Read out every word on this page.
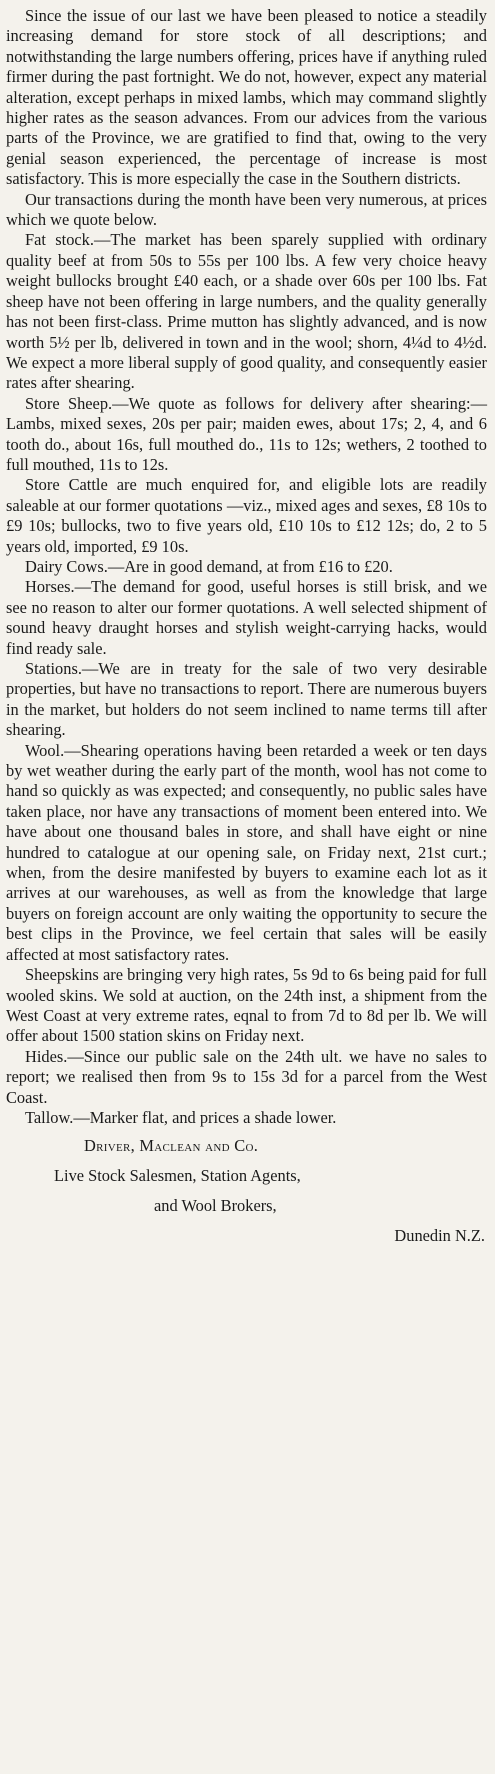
Since the issue of our last we have been pleased to notice a steadily increasing demand for store stock of all descriptions; and notwithstanding the large numbers offering, prices have if anything ruled firmer during the past fortnight. We do not, however, expect any material alteration, except perhaps in mixed lambs, which may command slightly higher rates as the season advances. From our advices from the various parts of the Province, we are gratified to find that, owing to the very genial season experienced, the percentage of increase is most satisfactory. This is more especially the case in the Southern districts.

Our transactions during the month have been very numerous, at prices which we quote below.

Fat stock.—The market has been sparely supplied with ordinary quality beef at from 50s to 55s per 100 lbs. A few very choice heavy weight bullocks brought £40 each, or a shade over 60s per 100 lbs. Fat sheep have not been offering in large numbers, and the quality generally has not been first-class. Prime mutton has slightly advanced, and is now worth 5½ per lb, delivered in town and in the wool; shorn, 4¼d to 4½d. We expect a more liberal supply of good quality, and consequently easier rates after shearing.

Store Sheep.—We quote as follows for delivery after shearing:—Lambs, mixed sexes, 20s per pair; maiden ewes, about 17s; 2, 4, and 6 tooth do., about 16s, full mouthed do., 11s to 12s; wethers, 2 toothed to full mouthed, 11s to 12s.

Store Cattle are much enquired for, and eligible lots are readily saleable at our former quotations —viz., mixed ages and sexes, £8 10s to £9 10s; bullocks, two to five years old, £10 10s to £12 12s; do, 2 to 5 years old, imported, £9 10s.

Dairy Cows.—Are in good demand, at from £16 to £20.

Horses.—The demand for good, useful horses is still brisk, and we see no reason to alter our former quotations. A well selected shipment of sound heavy draught horses and stylish weight-carrying hacks, would find ready sale.

Stations.—We are in treaty for the sale of two very desirable properties, but have no transactions to report. There are numerous buyers in the market, but holders do not seem inclined to name terms till after shearing.

Wool.—Shearing operations having been retarded a week or ten days by wet weather during the early part of the month, wool has not come to hand so quickly as was expected; and consequently, no public sales have taken place, nor have any transactions of moment been entered into. We have about one thousand bales in store, and shall have eight or nine hundred to catalogue at our opening sale, on Friday next, 21st curt.; when, from the desire manifested by buyers to examine each lot as it arrives at our warehouses, as well as from the knowledge that large buyers on foreign account are only waiting the opportunity to secure the best clips in the Province, we feel certain that sales will be easily affected at most satisfactory rates.

Sheepskins are bringing very high rates, 5s 9d to 6s being paid for full wooled skins. We sold at auction, on the 24th inst, a shipment from the West Coast at very extreme rates, eqnal to from 7d to 8d per lb. We will offer about 1500 station skins on Friday next.

Hides.—Since our public sale on the 24th ult. we have no sales to report; we realised then from 9s to 15s 3d for a parcel from the West Coast.

Tallow.—Marker flat, and prices a shade lower.

Driver, Maclean and Co.
Live Stock Salesmen, Station Agents,
and Wool Brokers,
Dunedin N.Z.
